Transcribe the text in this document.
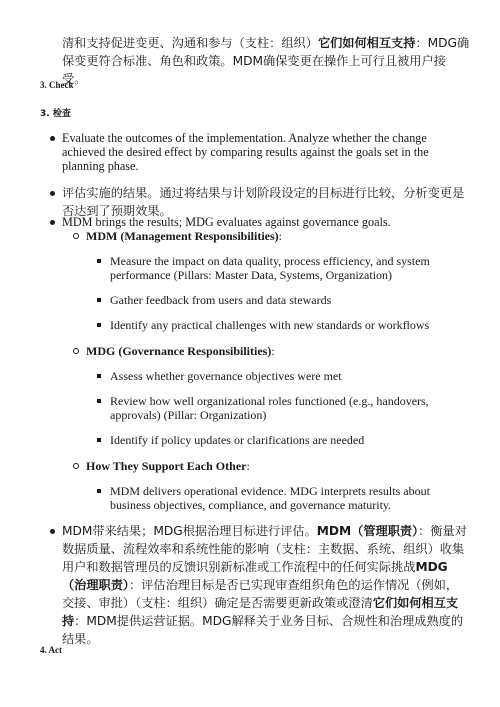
清和支持促进变更、沟通和参与（支柱：组织）它们如何相互支持：MDG确保变更符合标准、角色和政策。MDM确保变更在操作上可行且被用户接受。

3. Check
3. 检查
Evaluate the outcomes of the implementation. Analyze whether the change achieved the desired effect by comparing results against the goals set in the planning phase.
评估实施的结果。通过将结果与计划阶段设定的目标进行比较，分析变更是否达到了预期效果。
MDM brings the results; MDG evaluates against governance goals.
MDM (Management Responsibilities):
Measure the impact on data quality, process efficiency, and system performance (Pillars: Master Data, Systems, Organization)
Gather feedback from users and data stewards
Identify any practical challenges with new standards or workflows
MDG (Governance Responsibilities):
Assess whether governance objectives were met
Review how well organizational roles functioned (e.g., handovers, approvals) (Pillar: Organization)
Identify if policy updates or clarifications are needed
How They Support Each Other:
MDM delivers operational evidence. MDG interprets results about business objectives, compliance, and governance maturity.
MDM带来结果；MDG根据治理目标进行评估。MDM（管理职责）：衡量对数据质量、流程效率和系统性能的影响（支柱：主数据、系统、组织）收集用户和数据管理员的反馈识别新标准或工作流程中的任何实际挑战MDG（治理职责）：评估治理目标是否已实现审查组织角色的运作情况（例如，交接、审批）（支柱：组织）确定是否需要更新政策或澄清它们如何相互支持：MDM提供运营证据。MDG解释关于业务目标、合规性和治理成熟度的结果。
4. Act
